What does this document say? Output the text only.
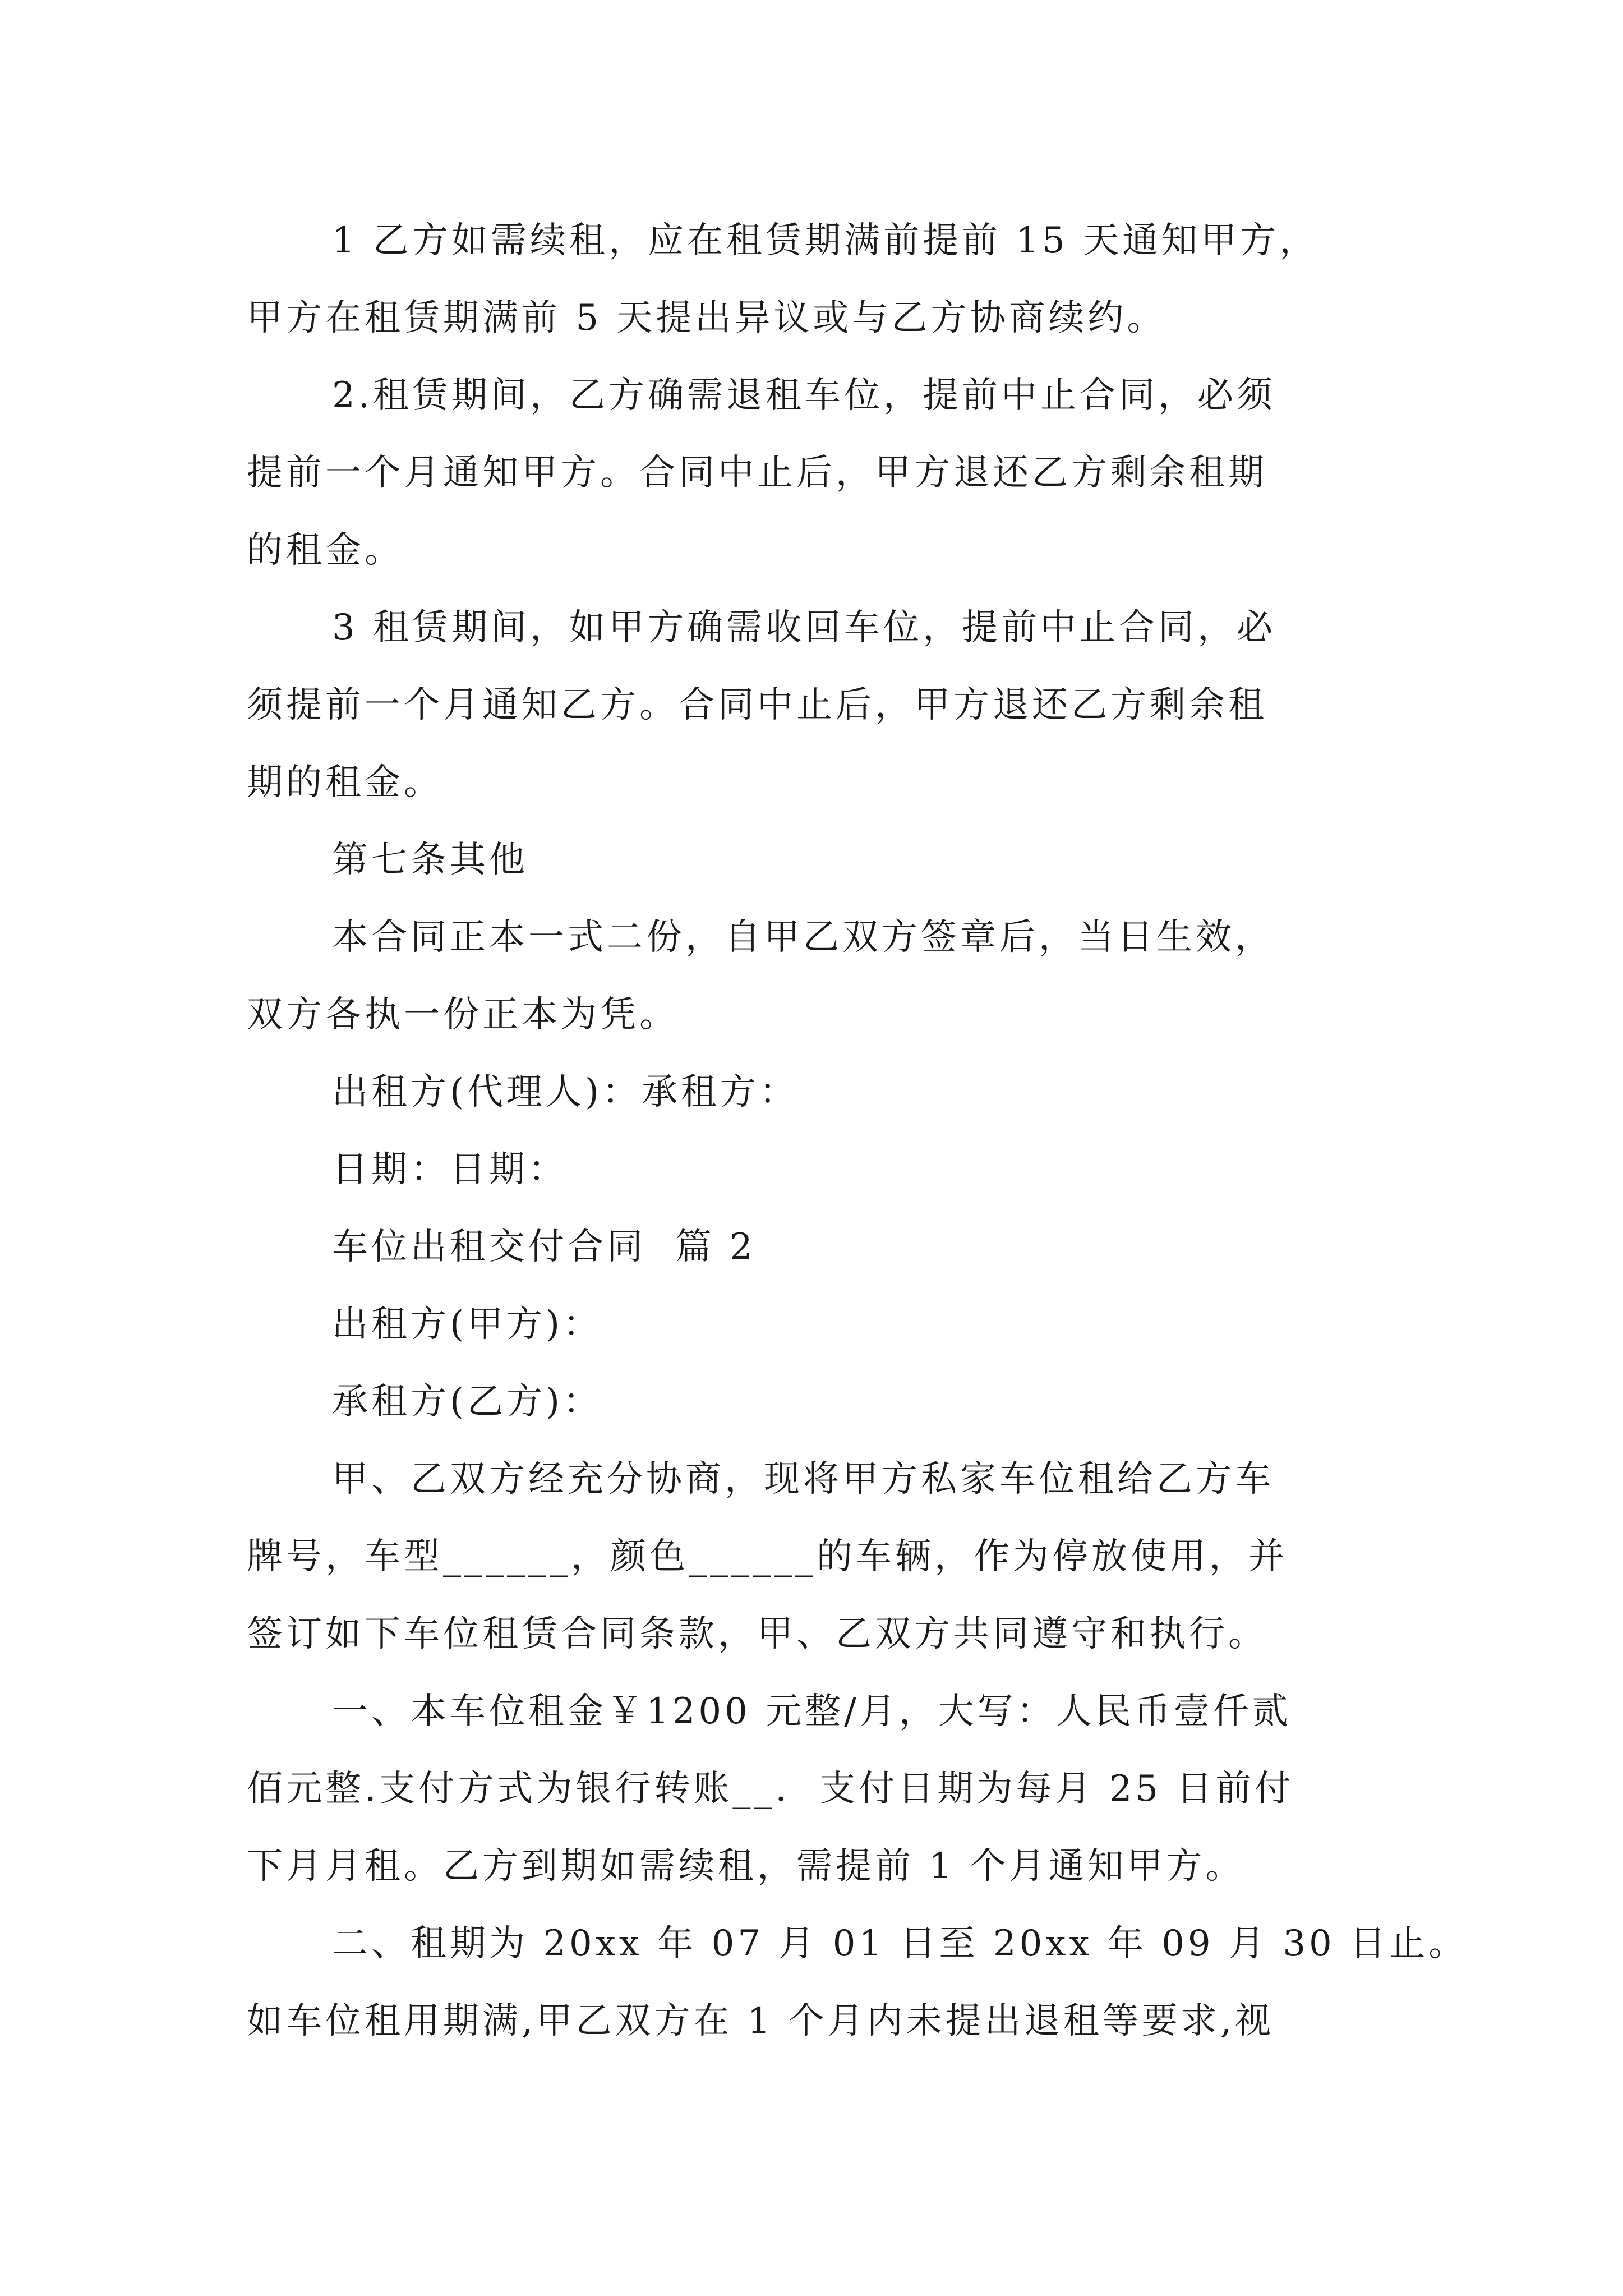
1 乙方如需续租，应在租赁期满前提前 15 天通知甲方，
甲方在租赁期满前 5 天提出异议或与乙方协商续约。
2.租赁期间，乙方确需退租车位，提前中止合同，必须
提前一个月通知甲方。合同中止后，甲方退还乙方剩余租期
的租金。
3 租赁期间，如甲方确需收回车位，提前中止合同，必
须提前一个月通知乙方。合同中止后，甲方退还乙方剩余租
期的租金。
第七条其他
本合同正本一式二份，自甲乙双方签章后，当日生效，
双方各执一份正本为凭。
出租方(代理人)：承租方：
日期：日期：
车位出租交付合同  篇 2
出租方(甲方)：
承租方(乙方)：
甲、乙双方经充分协商，现将甲方私家车位租给乙方车
牌号，车型______，颜色______的车辆，作为停放使用，并
签订如下车位租赁合同条款，甲、乙双方共同遵守和执行。
一、本车位租金￥1200 元整/月，大写：人民币壹仟贰
佰元整.支付方式为银行转账__.  支付日期为每月 25 日前付
下月月租。乙方到期如需续租，需提前 1 个月通知甲方。
二、租期为 20xx 年 07 月 01 日至 20xx 年 09 月 30 日止。
如车位租用期满,甲乙双方在 1 个月内未提出退租等要求,视
